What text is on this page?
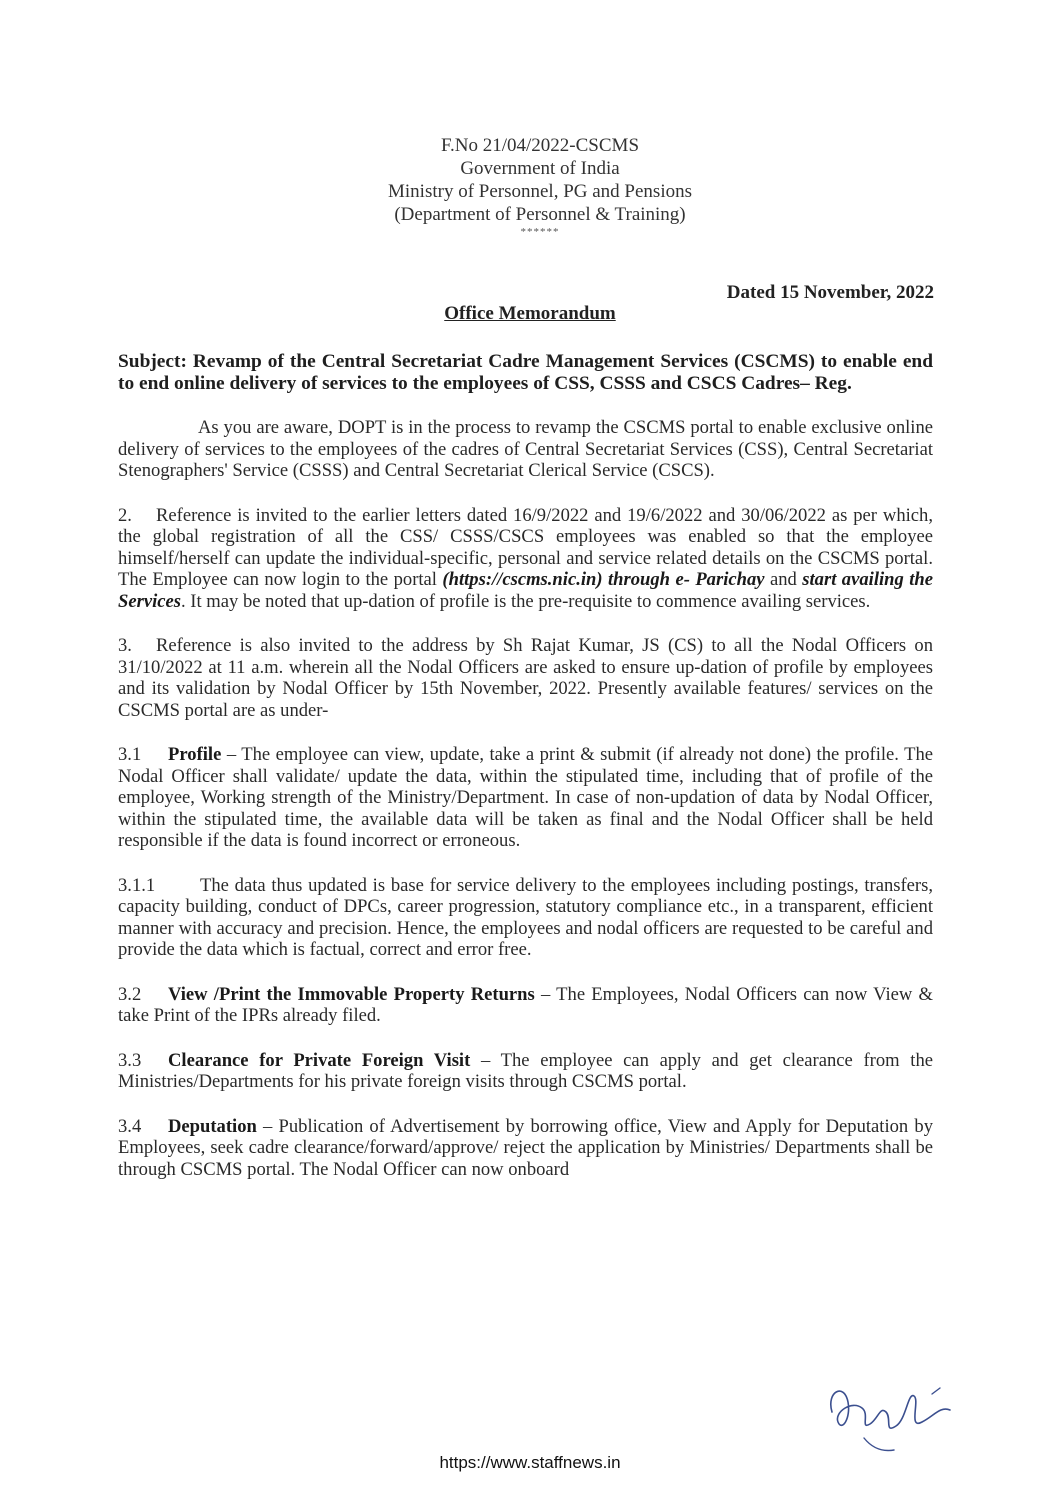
F.No 21/04/2022-CSCMS
Government of India
Ministry of Personnel, PG and Pensions
(Department of Personnel & Training)
******
Dated 15 November, 2022
Office Memorandum

Subject: Revamp of the Central Secretariat Cadre Management Services (CSCMS) to enable end to end online delivery of services to the employees of CSS, CSSS and CSCS Cadres– Reg.

As you are aware, DOPT is in the process to revamp the CSCMS portal to enable exclusive online delivery of services to the employees of the cadres of Central Secretariat Services (CSS), Central Secretariat Stenographers' Service (CSSS) and Central Secretariat Clerical Service (CSCS).

2. Reference is invited to the earlier letters dated 16/9/2022 and 19/6/2022 and 30/06/2022 as per which, the global registration of all the CSS/ CSSS/CSCS employees was enabled so that the employee himself/herself can update the individual-specific, personal and service related details on the CSCMS portal. The Employee can now login to the portal (https://cscms.nic.in) through e- Parichay and start availing the Services. It may be noted that up-dation of profile is the pre-requisite to commence availing services.

3. Reference is also invited to the address by Sh Rajat Kumar, JS (CS) to all the Nodal Officers on 31/10/2022 at 11 a.m. wherein all the Nodal Officers are asked to ensure up-dation of profile by employees and its validation by Nodal Officer by 15th November, 2022. Presently available features/ services on the CSCMS portal are as under-

3.1 Profile – The employee can view, update, take a print & submit (if already not done) the profile. The Nodal Officer shall validate/ update the data, within the stipulated time, including that of profile of the employee, Working strength of the Ministry/Department. In case of non-updation of data by Nodal Officer, within the stipulated time, the available data will be taken as final and the Nodal Officer shall be held responsible if the data is found incorrect or erroneous.

3.1.1 The data thus updated is base for service delivery to the employees including postings, transfers, capacity building, conduct of DPCs, career progression, statutory compliance etc., in a transparent, efficient manner with accuracy and precision. Hence, the employees and nodal officers are requested to be careful and provide the data which is factual, correct and error free.

3.2 View /Print the Immovable Property Returns – The Employees, Nodal Officers can now View & take Print of the IPRs already filed.

3.3 Clearance for Private Foreign Visit – The employee can apply and get clearance from the Ministries/Departments for his private foreign visits through CSCMS portal.

3.4 Deputation – Publication of Advertisement by borrowing office, View and Apply for Deputation by Employees, seek cadre clearance/forward/approve/ reject the application by Ministries/ Departments shall be through CSCMS portal. The Nodal Officer can now onboard

https://www.staffnews.in
